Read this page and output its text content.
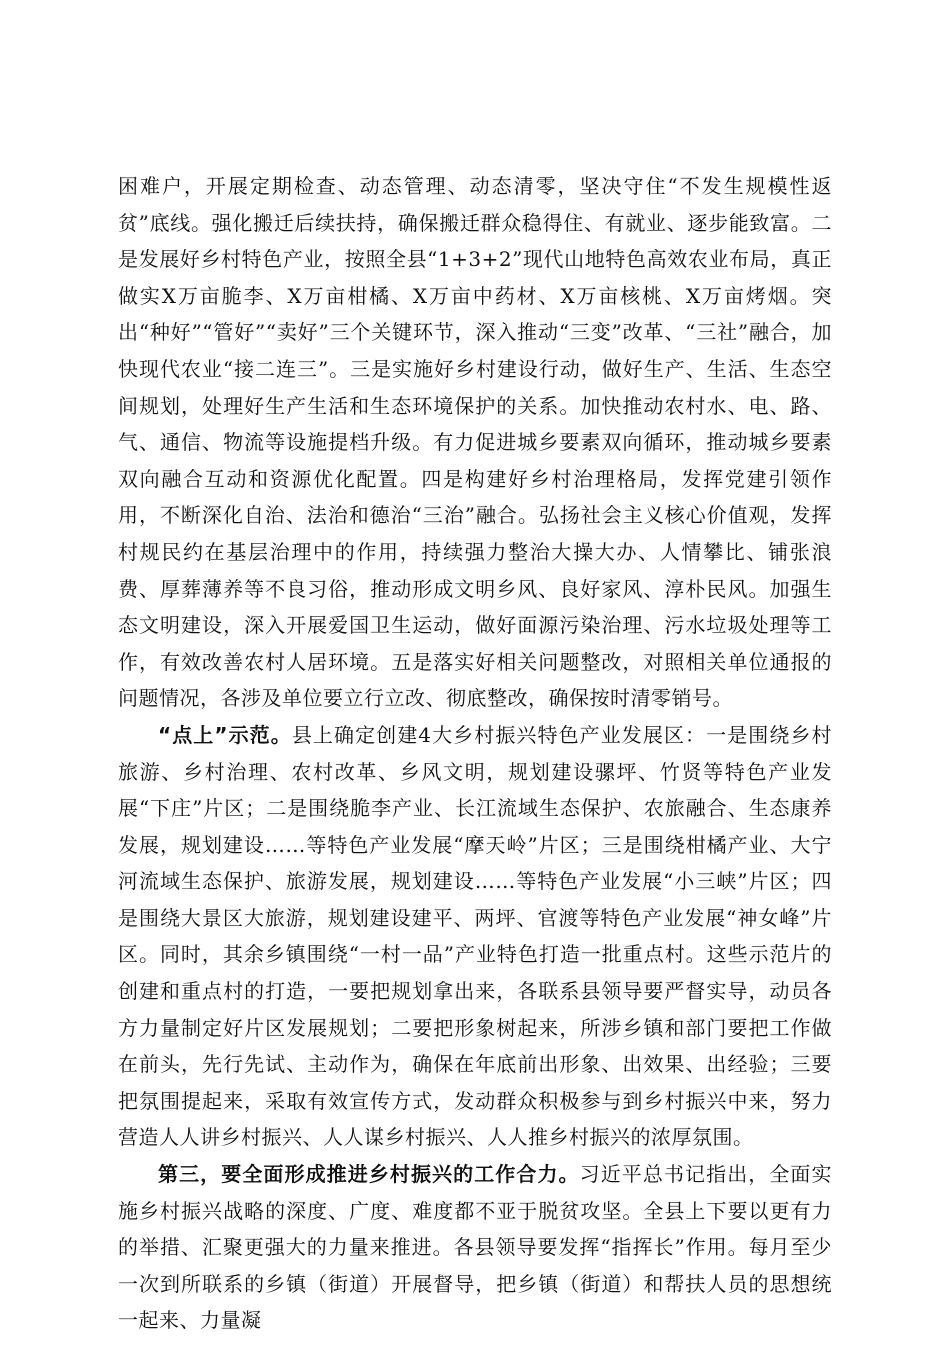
困难户，开展定期检查、动态管理、动态清零，坚决守住“不发生规模性返贫”底线。强化搬迁后续扶持，确保搬迁群众稳得住、有就业、逐步能致富。二是发展好乡村特色产业，按照全县“1+3+2”现代山地特色高效农业布局，真正做实X万亩脆李、X万亩柑橘、X万亩中药材、X万亩核桃、X万亩烤烟。突出“种好”“管好”“卖好”三个关键环节，深入推动“三变”改革、“三社”融合，加快现代农业“接二连三”。三是实施好乡村建设行动，做好生产、生活、生态空间规划，处理好生产生活和生态环境保护的关系。加快推动农村水、电、路、气、通信、物流等设施提档升级。有力促进城乡要素双向循环，推动城乡要素双向融合互动和资源优化配置。四是构建好乡村治理格局，发挥党建引领作用，不断深化自治、法治和德治“三治”融合。弘扬社会主义核心价值观，发挥村规民约在基层治理中的作用，持续强力整治大操大办、人情攀比、铺张浪费、厚葬薄养等不良习俗，推动形成文明乡风、良好家风、淳朴民风。加强生态文明建设，深入开展爱国卫生运动，做好面源污染治理、污水垃圾处理等工作，有效改善农村人居环境。五是落实好相关问题整改，对照相关单位通报的问题情况，各涉及单位要立行立改、彻底整改，确保按时清零销号。

“点上”示范。县上确定创建4大乡村振兴特色产业发展区：一是围绕乡村旅游、乡村治理、农村改革、乡风文明，规划建设骡坪、竹贤等特色产业发展“下庄”片区；二是围绕脆李产业、长江流域生态保护、农旅融合、生态康养发展，规划建设……等特色产业发展“摩天岭”片区；三是围绕柑橘产业、大宁河流域生态保护、旅游发展，规划建设……等特色产业发展“小三峡”片区；四是围绕大景区大旅游，规划建设建平、两坪、官渡等特色产业发展“神女峰”片区。同时，其余乡镇围绕“一村一品”产业特色打造一批重点村。这些示范片的创建和重点村的打造，一要把规划拿出来，各联系县领导要严督实导，动员各方力量制定好片区发展规划；二要把形象树起来，所涉乡镇和部门要把工作做在前头，先行先试、主动作为，确保在年底前出形象、出效果、出经验；三要把氛围提起来，采取有效宣传方式，发动群众积极参与到乡村振兴中来，努力营造人人讲乡村振兴、人人谋乡村振兴、人人推乡村振兴的浓厚氛围。

第三，要全面形成推进乡村振兴的工作合力。习近平总书记指出，全面实施乡村振兴战略的深度、广度、难度都不亚于脱贫攻坚。全县上下要以更有力的举措、汇聚更强大的力量来推进。各县领导要发挥“指挥长”作用。每月至少一次到所联系的乡镇（街道）开展督导，把乡镇（街道）和帮扶人员的思想统一起来、力量凝
